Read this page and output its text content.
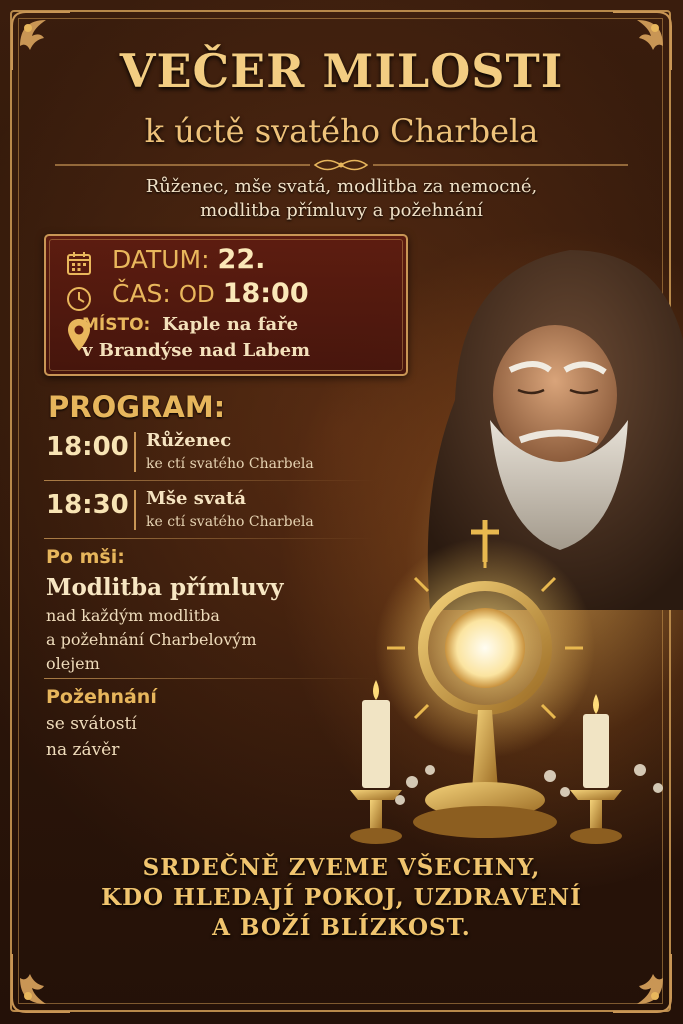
VEČER MILOSTI
k úctě svatého Charbela
Růženec, mše svatá, modlitba za nemocné,
modlitba přímluvy a požehnání
DATUM: 22.
ČAS: OD 18:00
MÍSTO: Kaple na faře
v Brandýse nad Labem
PROGRAM:
18:00 Růženec
ke ctí svatého Charbela
18:30 Mše svatá
ke ctí svatého Charbela
Po mši:
Modlitba přímluvy
nad každým modlitba
a požehnání Charbelovým
olejem
Požehnání
se svátostí
na závěr
SRDEČNĚ ZVEME VŠECHNY,
KDO HLEDAJÍ POKOJ, UZDRAVENÍ
A BOŽÍ BLÍZKOST.
